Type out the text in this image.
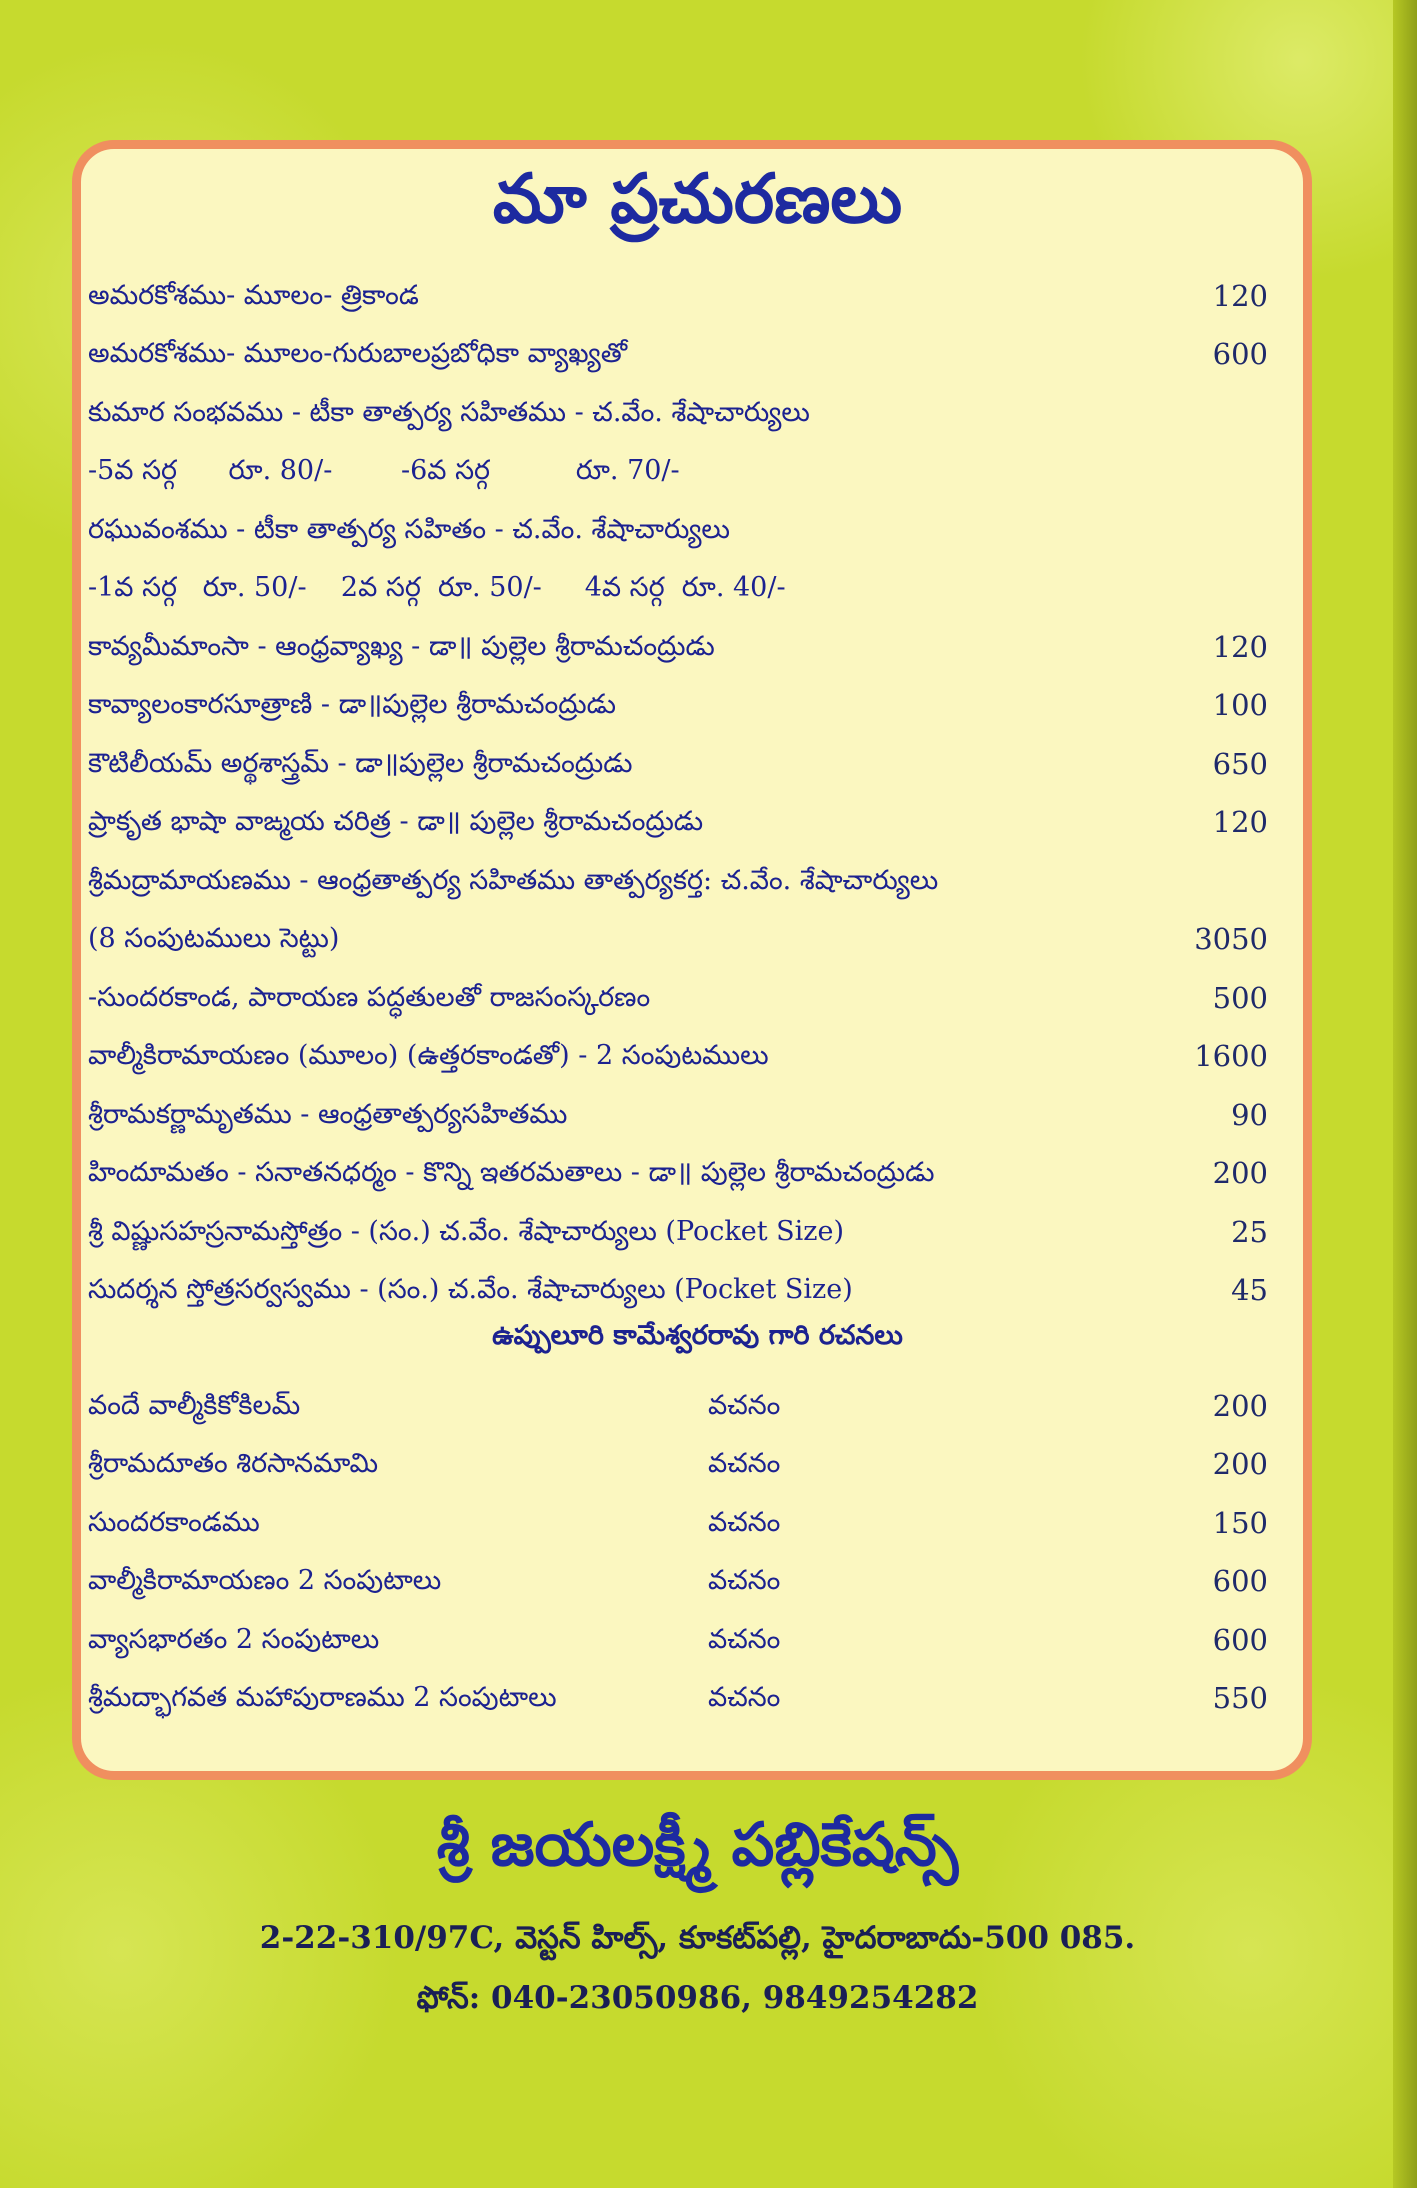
మా ప్రచురణలు
అమరకోశము- మూలం- త్రికాండ	120
అమరకోశము- మూలం-గురుబాలప్రబోధికా వ్యాఖ్యతో	600
కుమార సంభవము - టీకా తాత్పర్య సహితము - చ.వేం. శేషాచార్యులు
-5వ సర్గ      రూ. 80/-        -6వ సర్గ          రూ. 70/-
రఘువంశము - టీకా తాత్పర్య సహితం - చ.వేం. శేషాచార్యులు
-1వ సర్గ   రూ. 50/-    2వ సర్గ  రూ. 50/-     4వ సర్గ  రూ. 40/-
కావ్యమీమాంసా - ఆంధ్రవ్యాఖ్య - డా॥ పుల్లెల శ్రీరామచంద్రుడు	120
కావ్యాలంకారసూత్రాణి - డా॥పుల్లెల శ్రీరామచంద్రుడు	100
కౌటిలీయమ్ అర్థశాస్త్రమ్ - డా॥పుల్లెల శ్రీరామచంద్రుడు	650
ప్రాకృత భాషా వాఙ్మయ చరిత్ర - డా॥ పుల్లెల శ్రీరామచంద్రుడు	120
శ్రీమద్రామాయణము - ఆంధ్రతాత్పర్య సహితము తాత్పర్యకర్త: చ.వేం. శేషాచార్యులు
(8 సంపుటములు సెట్టు)	3050
-సుందరకాండ, పారాయణ పద్ధతులతో రాజసంస్కరణం	500
వాల్మీకిరామాయణం (మూలం) (ఉత్తరకాండతో) - 2 సంపుటములు	1600
శ్రీరామకర్ణామృతము - ఆంధ్రతాత్పర్యసహితము	90
హిందూమతం - సనాతనధర్మం - కొన్ని ఇతరమతాలు - డా॥ పుల్లెల శ్రీరామచంద్రుడు	200
శ్రీ విష్ణుసహస్రనామస్తోత్రం - (సం.) చ.వేం. శేషాచార్యులు (Pocket Size)	25
సుదర్శన స్తోత్రసర్వస్వము - (సం.) చ.వేం. శేషాచార్యులు (Pocket Size)	45
ఉప్పులూరి కామేశ్వరరావు గారి రచనలు
వందే వాల్మీకికోకిలమ్	వచనం	200
శ్రీరామదూతం శిరసానమామి	వచనం	200
సుందరకాండము	వచనం	150
వాల్మీకిరామాయణం 2 సంపుటాలు	వచనం	600
వ్యాసభారతం 2 సంపుటాలు	వచనం	600
శ్రీమద్భాగవత మహాపురాణము 2 సంపుటాలు	వచనం	550
శ్రీ జయలక్ష్మీ పబ్లికేషన్స్
2-22-310/97C, వెస్టన్ హిల్స్, కూకట్‌పల్లి, హైదరాబాదు-500 085.
ఫోన్: 040-23050986, 9849254282
